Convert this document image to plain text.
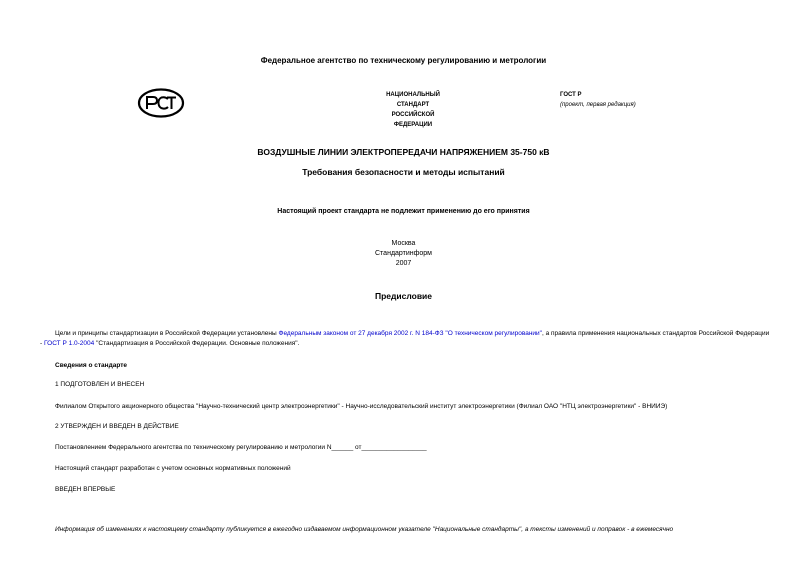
Федеральное агентство по техническому регулированию и метрологии
НАЦИОНАЛЬНЫЙ
СТАНДАРТ
РОССИЙСКОЙ
ФЕДЕРАЦИИ
ГОСТ Р
(проект, первая редакция)
ВОЗДУШНЫЕ ЛИНИИ ЭЛЕКТРОПЕРЕДАЧИ НАПРЯЖЕНИЕМ 35-750 кВ
Требования безопасности и методы испытаний
Настоящий проект стандарта не подлежит применению до его принятия
Москва
Стандартинформ
2007
Предисловие
Цели и принципы стандартизации в Российской Федерации установлены Федеральным законом от 27 декабря 2002 г. N 184-ФЗ "О техническом регулировании", а правила применения национальных стандартов Российской Федерации - ГОСТ Р 1.0-2004 "Стандартизация в Российской Федерации. Основные положения".
Сведения о стандарте
1 ПОДГОТОВЛЕН И ВНЕСЕН
Филиалом Открытого акционерного общества "Научно-технический центр электроэнергетики" - Научно-исследовательский институт электроэнергетики (Филиал ОАО "НТЦ электроэнергетики" - ВНИИЭ)
2 УТВЕРЖДЕН И ВВЕДЕН В ДЕЙСТВИЕ
Постановлением Федерального агентства по техническому регулированию и метрологии N______ от__________________
Настоящий стандарт разработан с учетом основных нормативных положений
ВВЕДЕН ВПЕРВЫЕ
Информация об изменениях к настоящему стандарту публикуется в ежегодно издаваемом информационном указателе "Национальные стандарты", а тексты изменений и поправок - в ежемесячно
